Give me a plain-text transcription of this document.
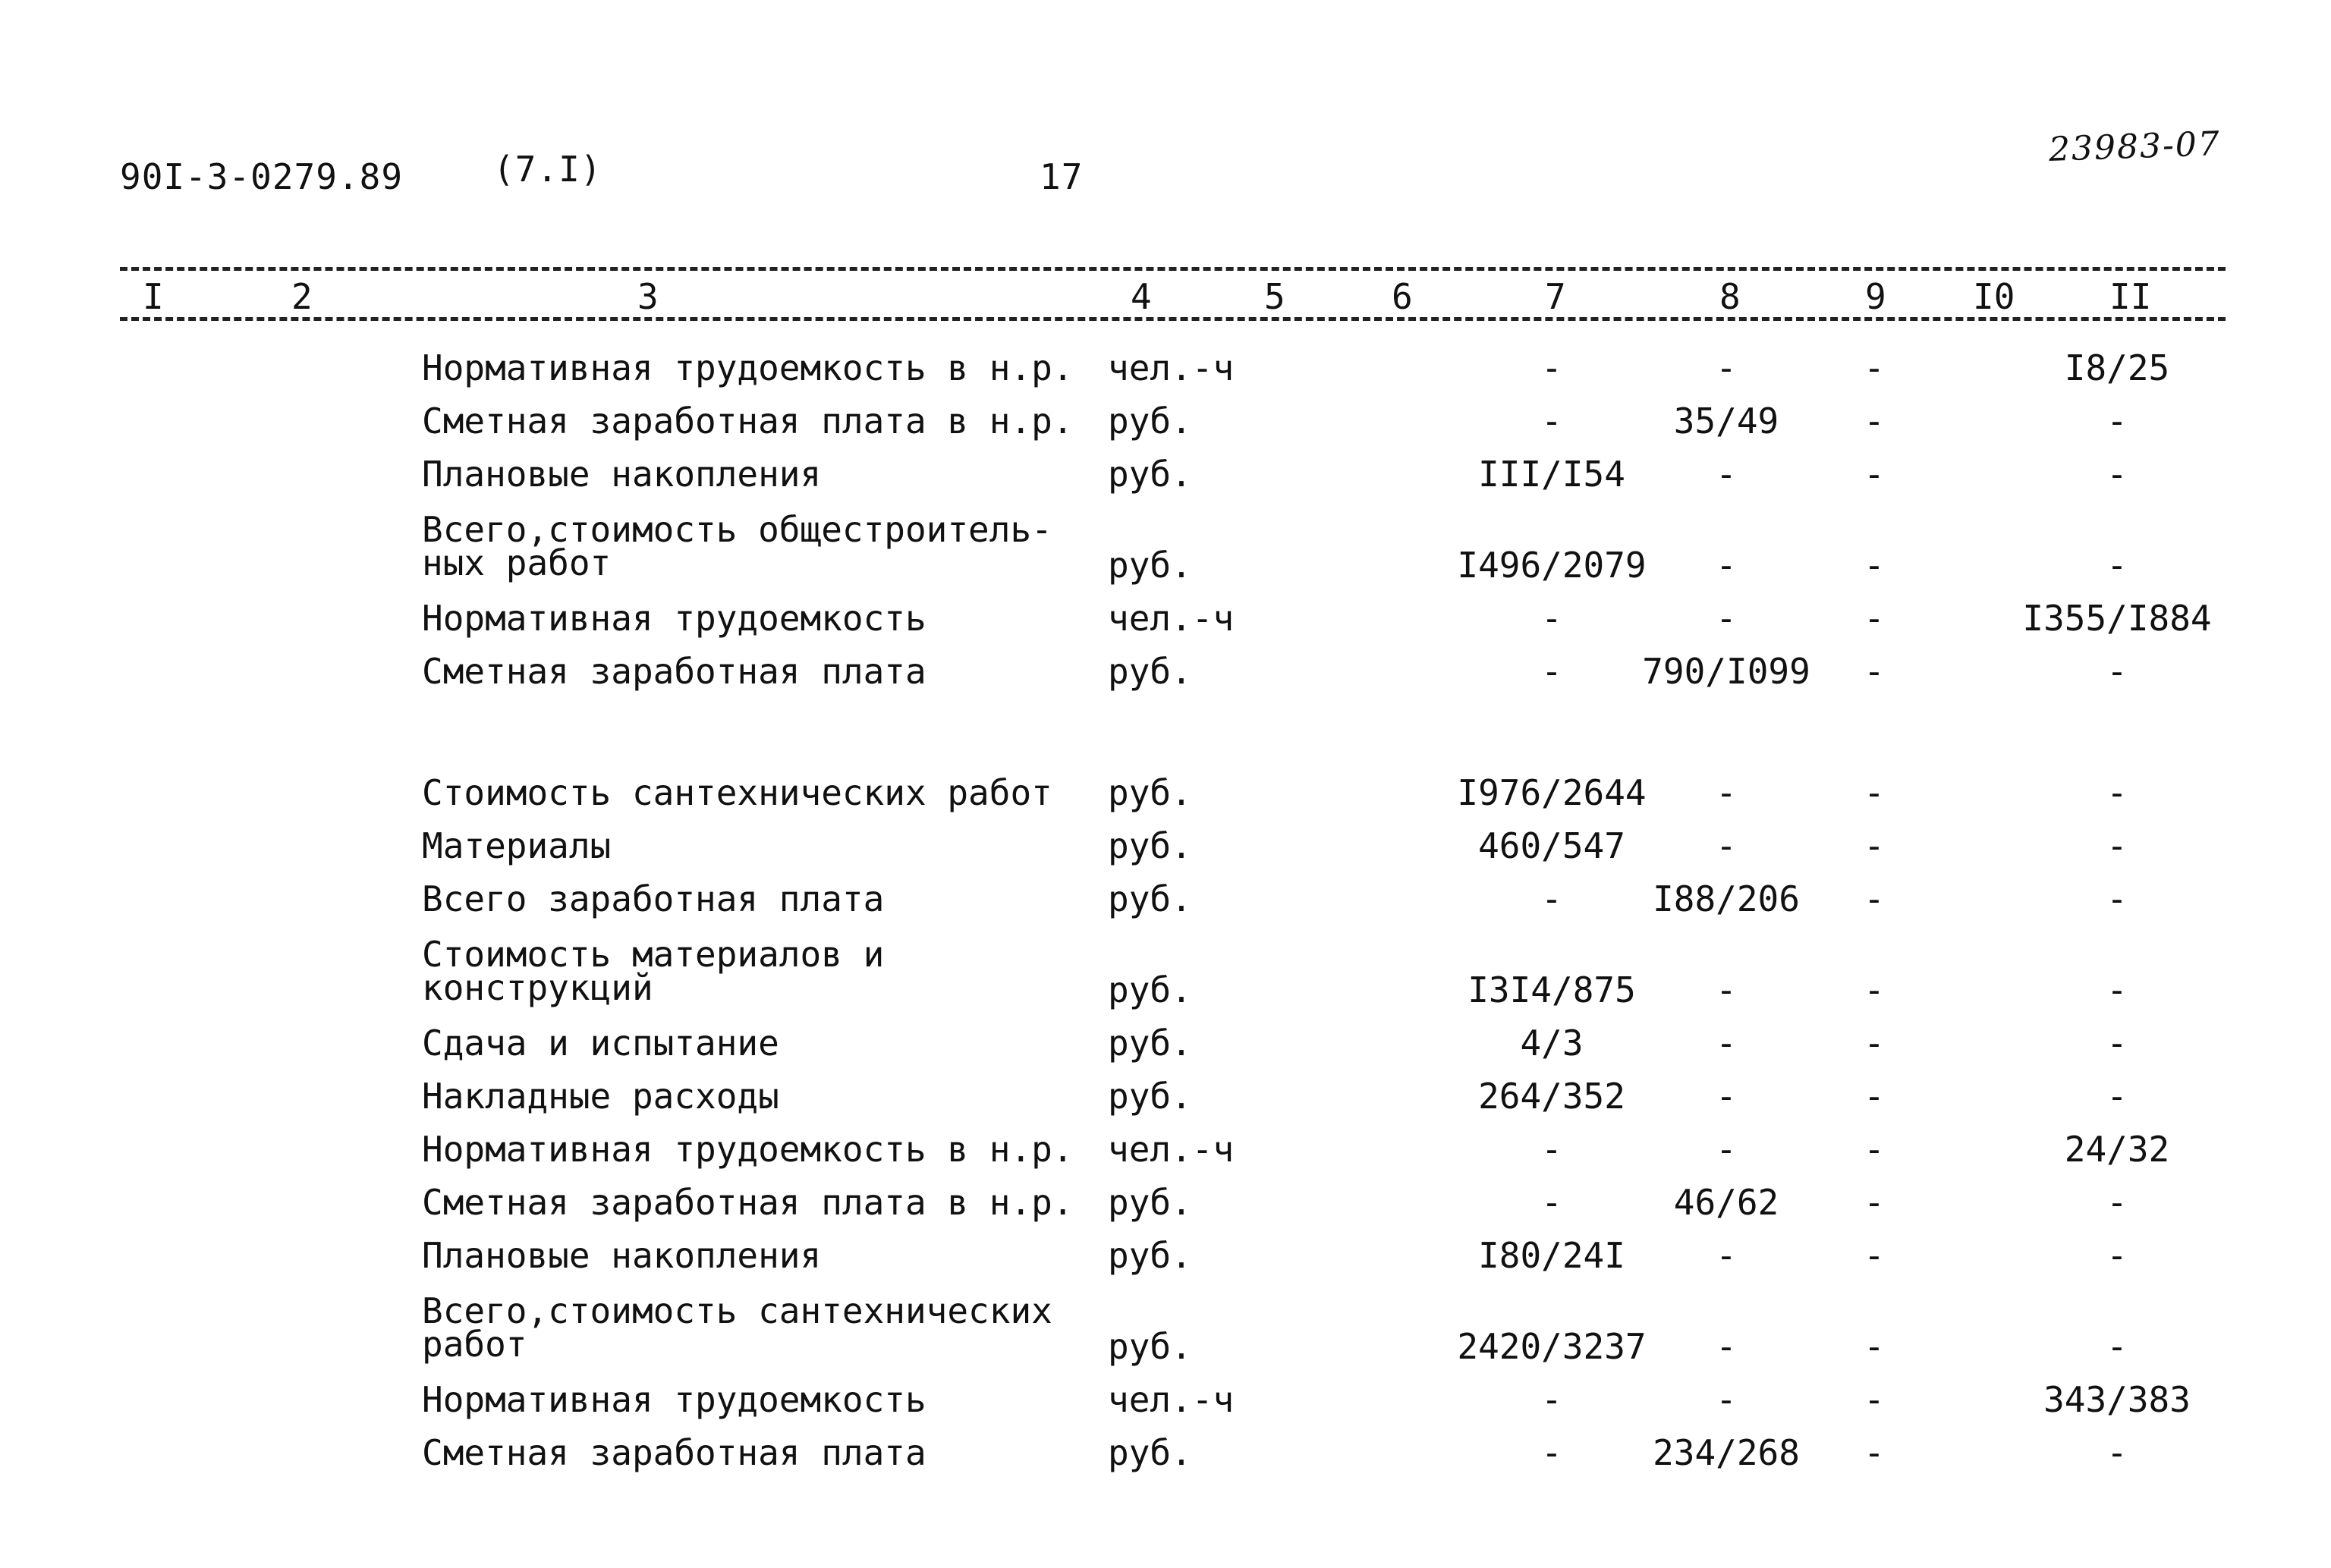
90I-3-0279.89	(7.I)	17
23983-07
I	2	3	4	5	6	7	8	9 I0	II
Нормативная трудоемкость в н.р. чел.-ч	-	-	-	I8/25
Сметная заработная плата в н.р. руб.	-	35/49	-	-
Плановые накопления	руб.	III/I54	-	-	-
Всего,стоимость общестроитель-
ных работ	руб.	I496/2079	-	-	-
Нормативная трудоемкость	чел.-ч	-	-	-	I355/I884
Сметная заработная плата	руб.	-	790/I099	-	-
Стоимость сантехнических работ руб.	I976/2644	-	-	-
Материалы	руб.	460/547	-	-	-
Всего заработная плата	руб.	-	I88/206	-	-
Стоимость материалов и
конструкций	руб.	I3I4/875	-	-	-
Сдача и испытание	руб.	4/3	-	-	-
Накладные расходы	руб.	264/352	-	-	-
Нормативная трудоемкость в н.р. чел.-ч	-	-	-	24/32
Сметная заработная плата в н.р. руб.	-	46/62	-	-
Плановые накопления	руб.	I80/24I	-	-	-
Всего,стоимость сантехнических
работ	руб.	2420/3237	-	-	-
Нормативная трудоемкость	чел.-ч	-	-	-	343/383
Сметная заработная плата	руб.	-	234/268	-	-
